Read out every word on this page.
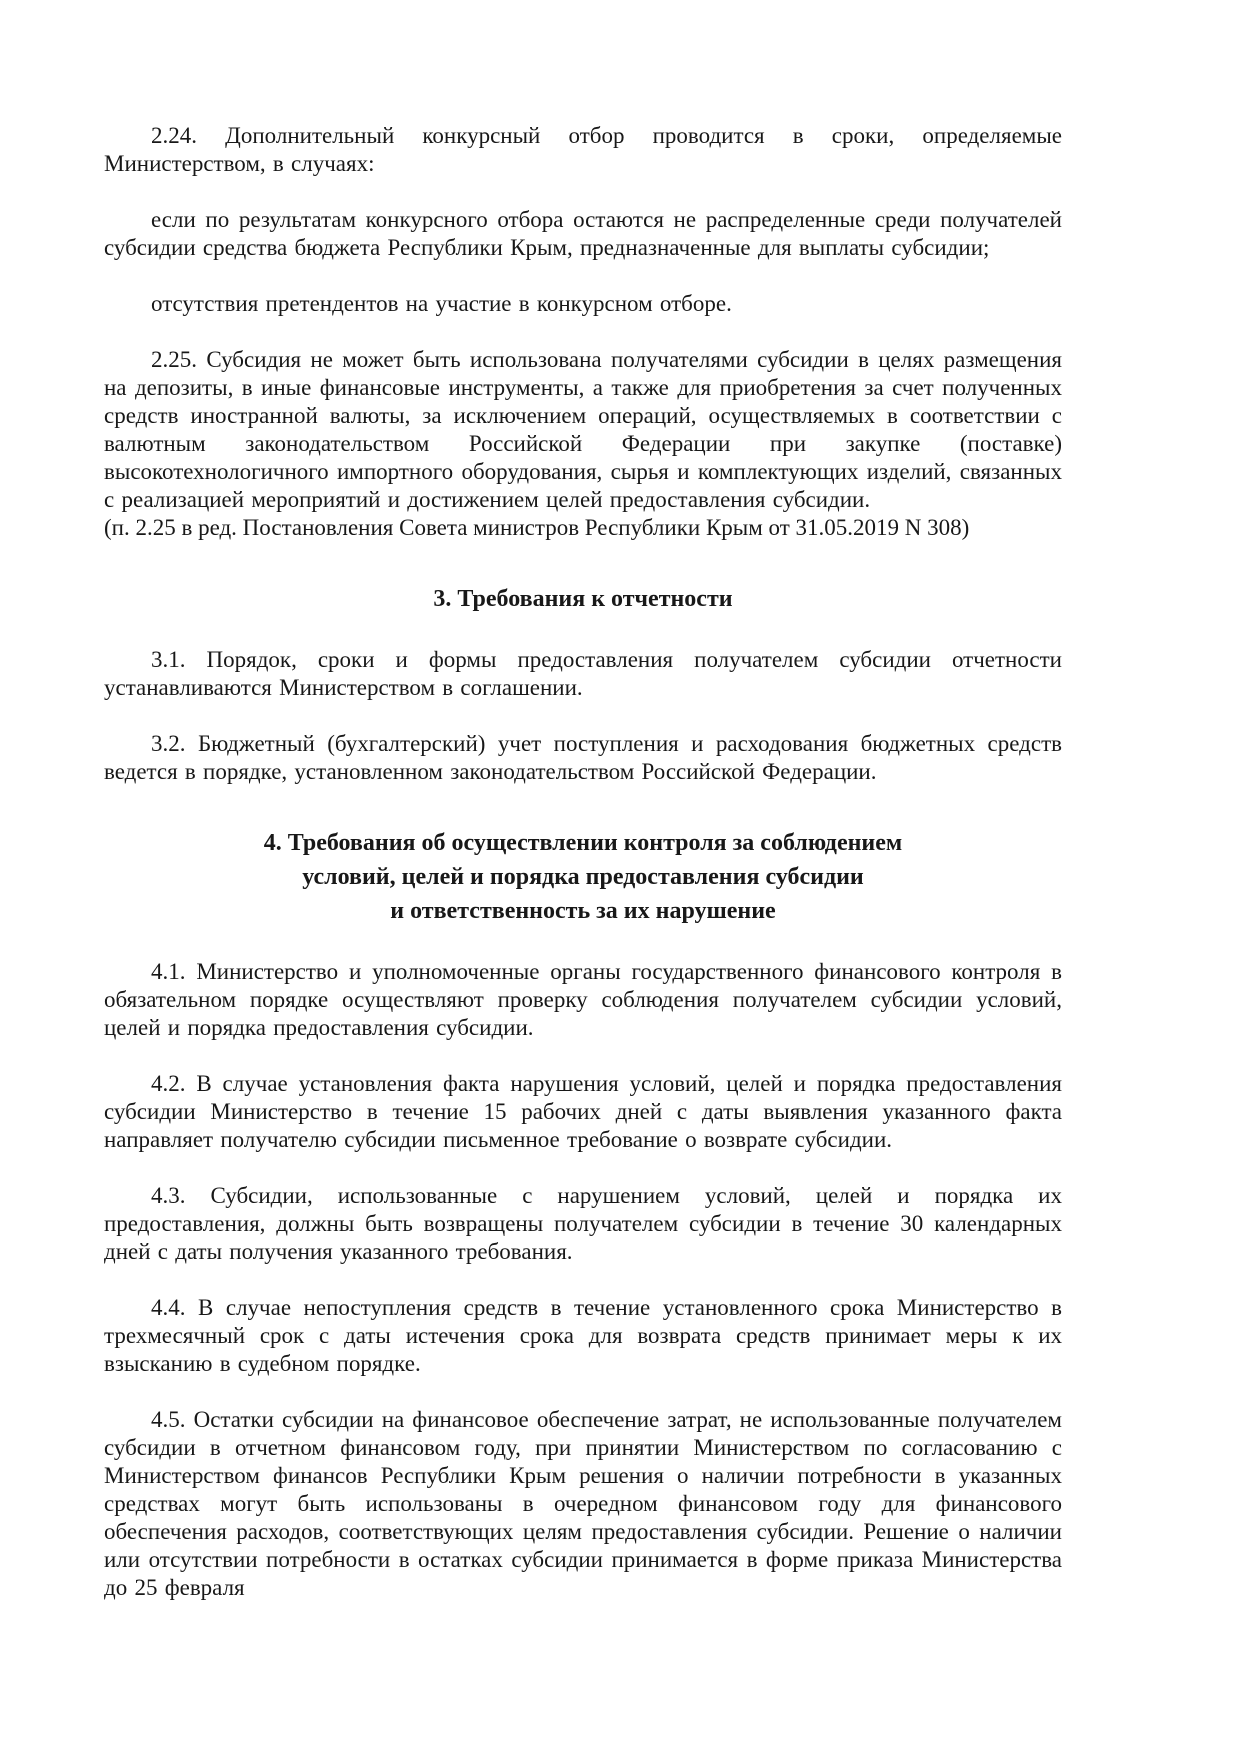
2.24. Дополнительный конкурсный отбор проводится в сроки, определяемые Министерством, в случаях:

если по результатам конкурсного отбора остаются не распределенные среди получателей субсидии средства бюджета Республики Крым, предназначенные для выплаты субсидии;

отсутствия претендентов на участие в конкурсном отборе.

2.25. Субсидия не может быть использована получателями субсидии в целях размещения на депозиты, в иные финансовые инструменты, а также для приобретения за счет полученных средств иностранной валюты, за исключением операций, осуществляемых в соответствии с валютным законодательством Российской Федерации при закупке (поставке) высокотехнологичного импортного оборудования, сырья и комплектующих изделий, связанных с реализацией мероприятий и достижением целей предоставления субсидии.

(п. 2.25 в ред. Постановления Совета министров Республики Крым от 31.05.2019 N 308)

3. Требования к отчетности

3.1. Порядок, сроки и формы предоставления получателем субсидии отчетности устанавливаются Министерством в соглашении.

3.2. Бюджетный (бухгалтерский) учет поступления и расходования бюджетных средств ведется в порядке, установленном законодательством Российской Федерации.

4. Требования об осуществлении контроля за соблюдением
условий, целей и порядка предоставления субсидии
и ответственность за их нарушение

4.1. Министерство и уполномоченные органы государственного финансового контроля в обязательном порядке осуществляют проверку соблюдения получателем субсидии условий, целей и порядка предоставления субсидии.

4.2. В случае установления факта нарушения условий, целей и порядка предоставления субсидии Министерство в течение 15 рабочих дней с даты выявления указанного факта направляет получателю субсидии письменное требование о возврате субсидии.

4.3. Субсидии, использованные с нарушением условий, целей и порядка их предоставления, должны быть возвращены получателем субсидии в течение 30 календарных дней с даты получения указанного требования.

4.4. В случае непоступления средств в течение установленного срока Министерство в трехмесячный срок с даты истечения срока для возврата средств принимает меры к их взысканию в судебном порядке.

4.5. Остатки субсидии на финансовое обеспечение затрат, не использованные получателем субсидии в отчетном финансовом году, при принятии Министерством по согласованию с Министерством финансов Республики Крым решения о наличии потребности в указанных средствах могут быть использованы в очередном финансовом году для финансового обеспечения расходов, соответствующих целям предоставления субсидии. Решение о наличии или отсутствии потребности в остатках субсидии принимается в форме приказа Министерства до 25 февраля
